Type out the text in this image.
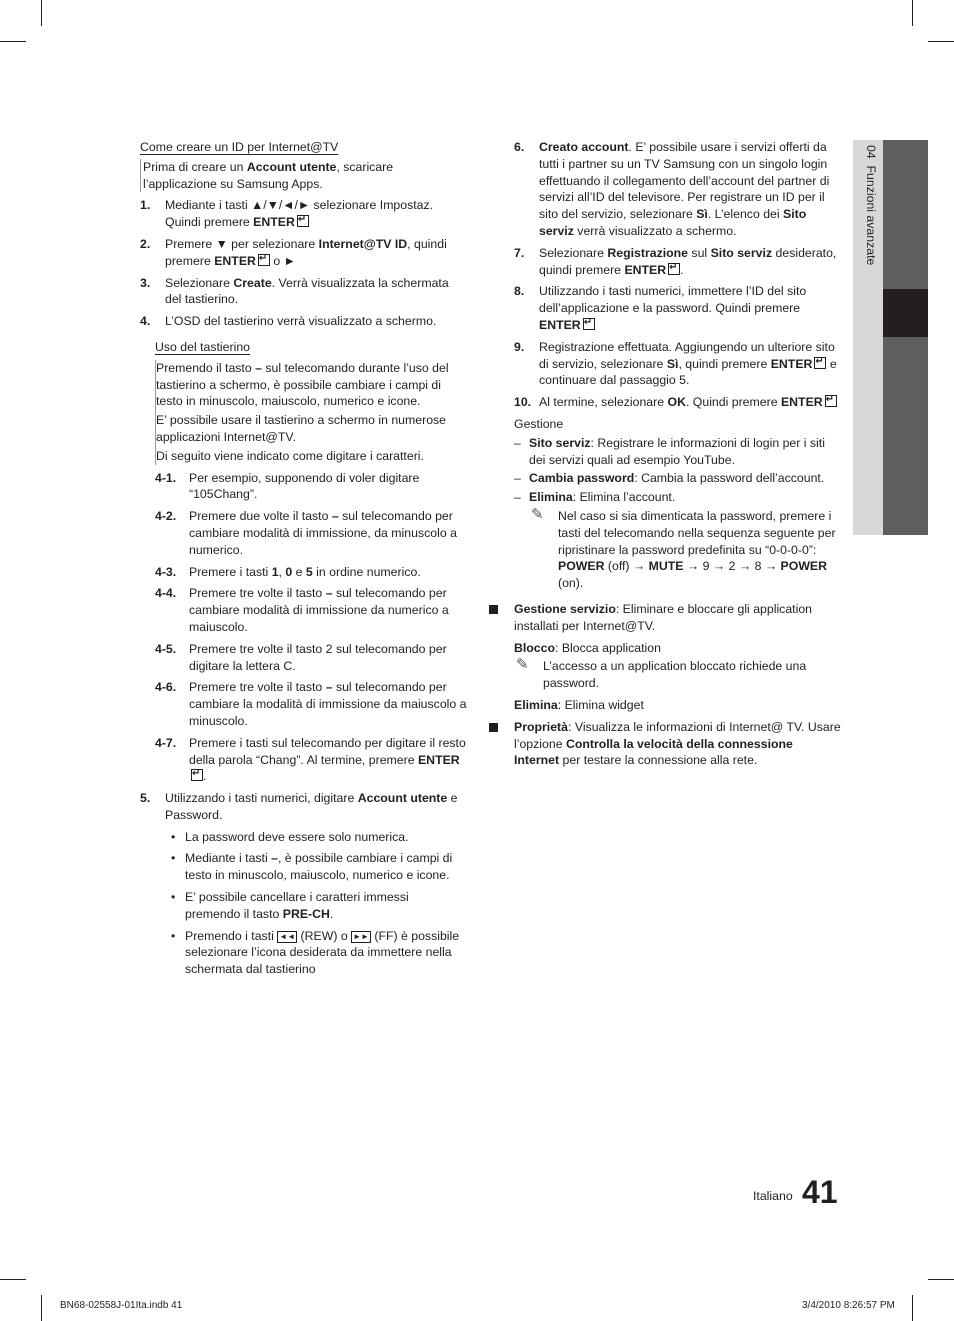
Come creare un ID per Internet@TV

Prima di creare un Account utente, scaricare l’applicazione su Samsung Apps.
1. Mediante i tasti ▲/▼/◄/► selezionare Impostaz. Quindi premere ENTER↵
2. Premere ▼ per selezionare Internet@TV ID, quindi premere ENTER↵ o ►
3. Selezionare Create. Verrà visualizzata la schermata del tastierino.
4. L’OSD del tastierino verrà visualizzato a schermo.

Uso del tastierino

Premendo il tasto – sul telecomando durante l’uso del tastierino a schermo, è possibile cambiare i campi di testo in minuscolo, maiuscolo, numerico e icone.

E’ possibile usare il tastierino a schermo in numerose applicazioni Internet@TV.

Di seguito viene indicato come digitare i caratteri.

4-1. Per esempio, supponendo di voler digitare “105Chang”.
4-2. Premere due volte il tasto – sul telecomando per cambiare modalità di immissione, da minuscolo a numerico.
4-3. Premere i tasti 1, 0 e 5 in ordine numerico.
4-4. Premere tre volte il tasto – sul telecomando per cambiare modalità di immissione da numerico a maiuscolo.
4-5. Premere tre volte il tasto 2 sul telecomando per digitare la lettera C.
4-6. Premere tre volte il tasto – sul telecomando per cambiare la modalità di immissione da maiuscolo a minuscolo.
4-7. Premere i tasti sul telecomando per digitare il resto della parola “Chang”. Al termine, premere ENTER↵.
5. Utilizzando i tasti numerici, digitare Account utente e Password.
• La password deve essere solo numerica.
• Mediante i tasti –, è possibile cambiare i campi di testo in minuscolo, maiuscolo, numerico e icone.
• E’ possibile cancellare i caratteri immessi premendo il tasto PRE-CH.
• Premendo i tasti ◄◄ (REW) o ►► (FF) è possibile selezionare l’icona desiderata da immettere nella schermata dal tastierino
6. Creato account. E’ possibile usare i servizi offerti da tutti i partner su un TV Samsung con un singolo login effettuando il collegamento dell’account del partner di servizi all’ID del televisore. Per registrare un ID per il sito del servizio, selezionare Sì. L’elenco dei Sito serviz verrà visualizzato a schermo.
7. Selezionare Registrazione sul Sito serviz desiderato, quindi premere ENTER↵ .
8. Utilizzando i tasti numerici, immettere l’ID del sito dell’applicazione e la password. Quindi premere ENTER↵
9. Registrazione effettuata. Aggiungendo un ulteriore sito di servizio, selezionare Sì, quindi premere ENTER↵ e continuare dal passaggio 5.
10. Al termine, selezionare OK. Quindi premere ENTER↵

Gestione

– Sito serviz: Registrare le informazioni di login per i siti dei servizi quali ad esempio YouTube.
– Cambia password: Cambia la password dell’account.
– Elimina: Elimina l’account.
✎ Nel caso si sia dimenticata la password, premere i tasti del telecomando nella sequenza seguente per ripristinare la password predefinita su “0-0-0-0”: POWER (off) → MUTE → 9 → 2 → 8 → POWER (on).
Gestione servizio: Eliminare e bloccare gli application installati per Internet@TV.

Blocco: Blocca application

✎ L’accesso a un application bloccato richiede una password.

Elimina: Elimina widget

Proprietà: Visualizza le informazioni di Internet@ TV. Usare l’opzione Controlla la velocità della connessione Internet per testare la connessione alla rete.
04  Funzioni avanzate
Italiano 41
BN68-02558J-01Ita.indb 41	3/4/2010 8:26:57 PM
